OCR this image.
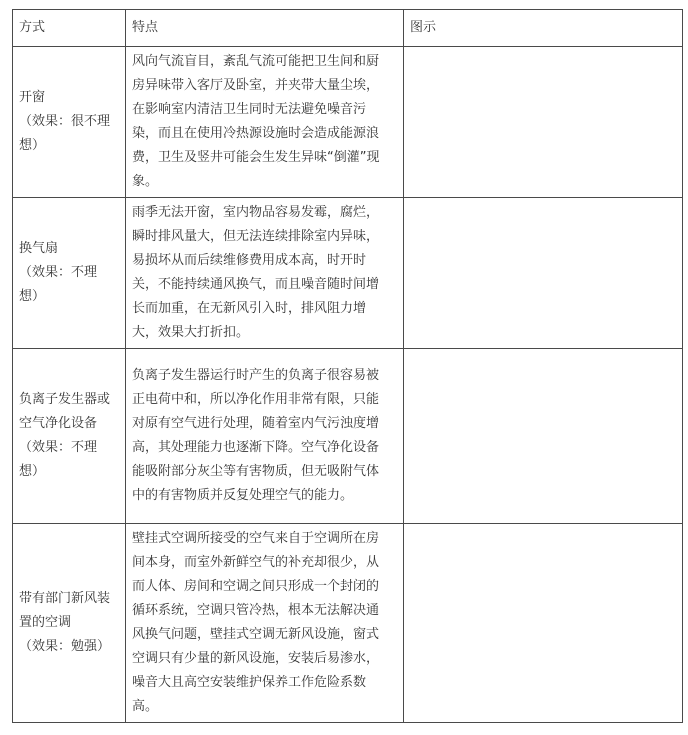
方式	特点	图示

开窗
（效果：很不理想）	风向气流盲目，紊乱气流可能把卫生间和厨房异味带入客厅及卧室，并夹带大量尘埃，在影响室内清洁卫生同时无法避免噪音污染，而且在使用冷热源设施时会造成能源浪费，卫生及竖井可能会生发生异味“倒灌”现象。	

换气扇
（效果：不理想）	雨季无法开窗，室内物品容易发霉，腐烂，瞬时排风量大，但无法连续排除室内异味，易损坏从而后续维修费用成本高，时开时关，不能持续通风换气，而且噪音随时间增长而加重，在无新风引入时，排风阻力增大，效果大打折扣。	

负离子发生器或空气净化设备
（效果：不理想）	负离子发生器运行时产生的负离子很容易被正电荷中和，所以净化作用非常有限，只能对原有空气进行处理，随着室内气污浊度增高，其处理能力也逐渐下降。空气净化设备能吸附部分灰尘等有害物质，但无吸附气体中的有害物质并反复处理空气的能力。	

带有部门新风装置的空调
（效果：勉强）	壁挂式空调所接受的空气来自于空调所在房间本身，而室外新鲜空气的补充却很少，从而人体、房间和空调之间只形成一个封闭的循环系统，空调只管冷热，根本无法解决通风换气问题，壁挂式空调无新风设施，窗式空调只有少量的新风设施，安装后易渗水，噪音大且高空安装维护保养工作危险系数高。	
